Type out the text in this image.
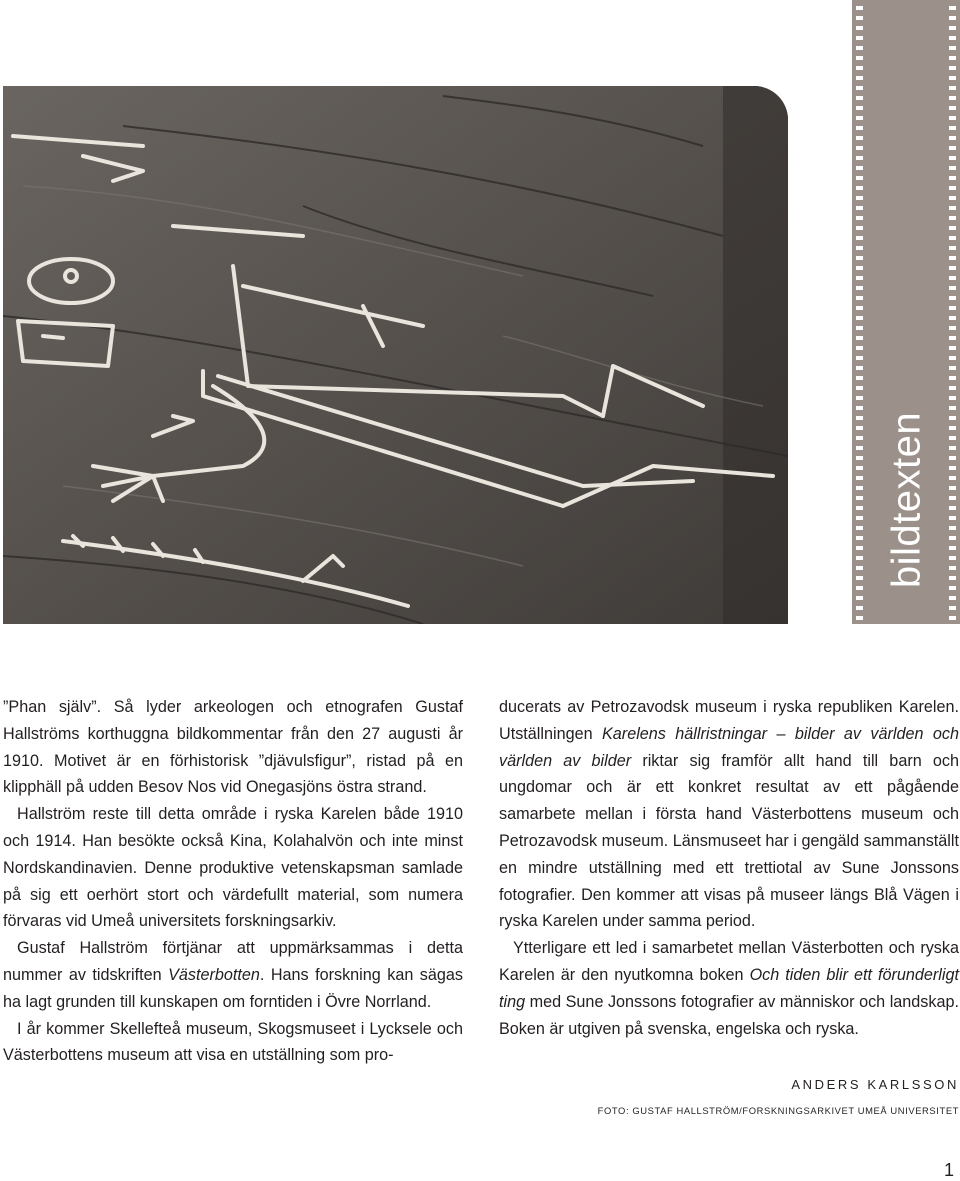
bildtexten

”Phan själv”. Så lyder arkeologen och etnografen Gustaf Hallströms korthuggna bildkommentar från den 27 augusti år 1910. Motivet är en förhistorisk ”djävulsfigur”, ristad på en klipphäll på udden Besov Nos vid Onegasjöns östra strand.

Hallström reste till detta område i ryska Karelen både 1910 och 1914. Han besökte också Kina, Kolahalvön och inte minst Nordskandinavien. Denne produktive vetenskapsman samlade på sig ett oerhört stort och värdefullt material, som numera förvaras vid Umeå universitets forskningsarkiv.

Gustaf Hallström förtjänar att uppmärksammas i detta nummer av tidskriften Västerbotten. Hans forskning kan sägas ha lagt grunden till kunskapen om forntiden i Övre Norrland.

I år kommer Skellefteå museum, Skogsmuseet i Lycksele och Västerbottens museum att visa en utställning som pro-

ducerats av Petrozavodsk museum i ryska republiken Karelen. Utställningen Karelens hällristningar – bilder av världen och världen av bilder riktar sig framför allt hand till barn och ungdomar och är ett konkret resultat av ett pågående samarbete mellan i första hand Västerbottens museum och Petrozavodsk museum. Länsmuseet har i gengäld sammanställt en mindre utställning med ett trettiotal av Sune Jonssons fotografier. Den kommer att visas på museer längs Blå Vägen i ryska Karelen under samma period.

Ytterligare ett led i samarbetet mellan Västerbotten och ryska Karelen är den nyutkomna boken Och tiden blir ett förunderligt ting med Sune Jonssons fotografier av människor och landskap. Boken är utgiven på svenska, engelska och ryska.

ANDERS KARLSSON
FOTO: GUSTAF HALLSTRÖM/FORSKNINGSARKIVET UMEÅ UNIVERSITET
1
